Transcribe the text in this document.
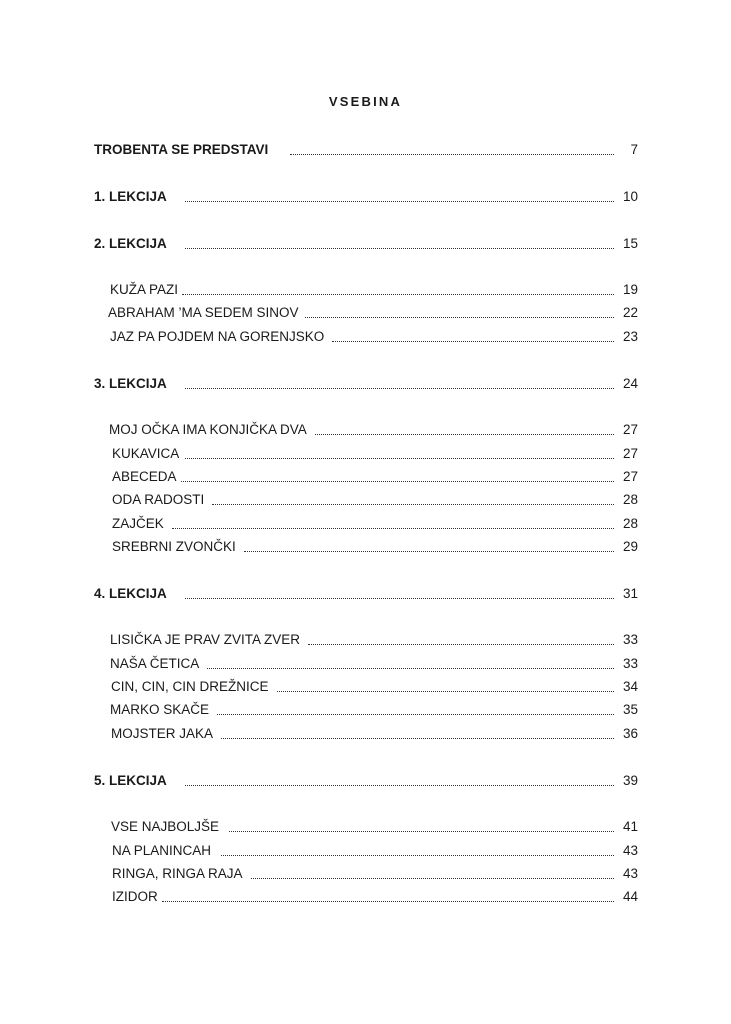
VSEBINA
TROBENTA SE PREDSTAVI	7
1. LEKCIJA	10
2. LEKCIJA	15
KUŽA PAZI	19
ABRAHAM ’MA SEDEM SINOV	22
JAZ PA POJDEM NA GORENJSKO	23
3. LEKCIJA	24
MOJ OČKA IMA KONJIČKA DVA	27
KUKAVICA	27
ABECEDA	27
ODA RADOSTI	28
ZAJČEK	28
SREBRNI ZVONČKI	29
4. LEKCIJA	31
LISIČKA JE PRAV ZVITA ZVER	33
NAŠA ČETICA	33
CIN, CIN, CIN DREŽNICE	34
MARKO SKAČE	35
MOJSTER JAKA	36
5. LEKCIJA	39
VSE NAJBOLJŠE	41
NA PLANINCAH	43
RINGA, RINGA RAJA	43
IZIDOR	44
